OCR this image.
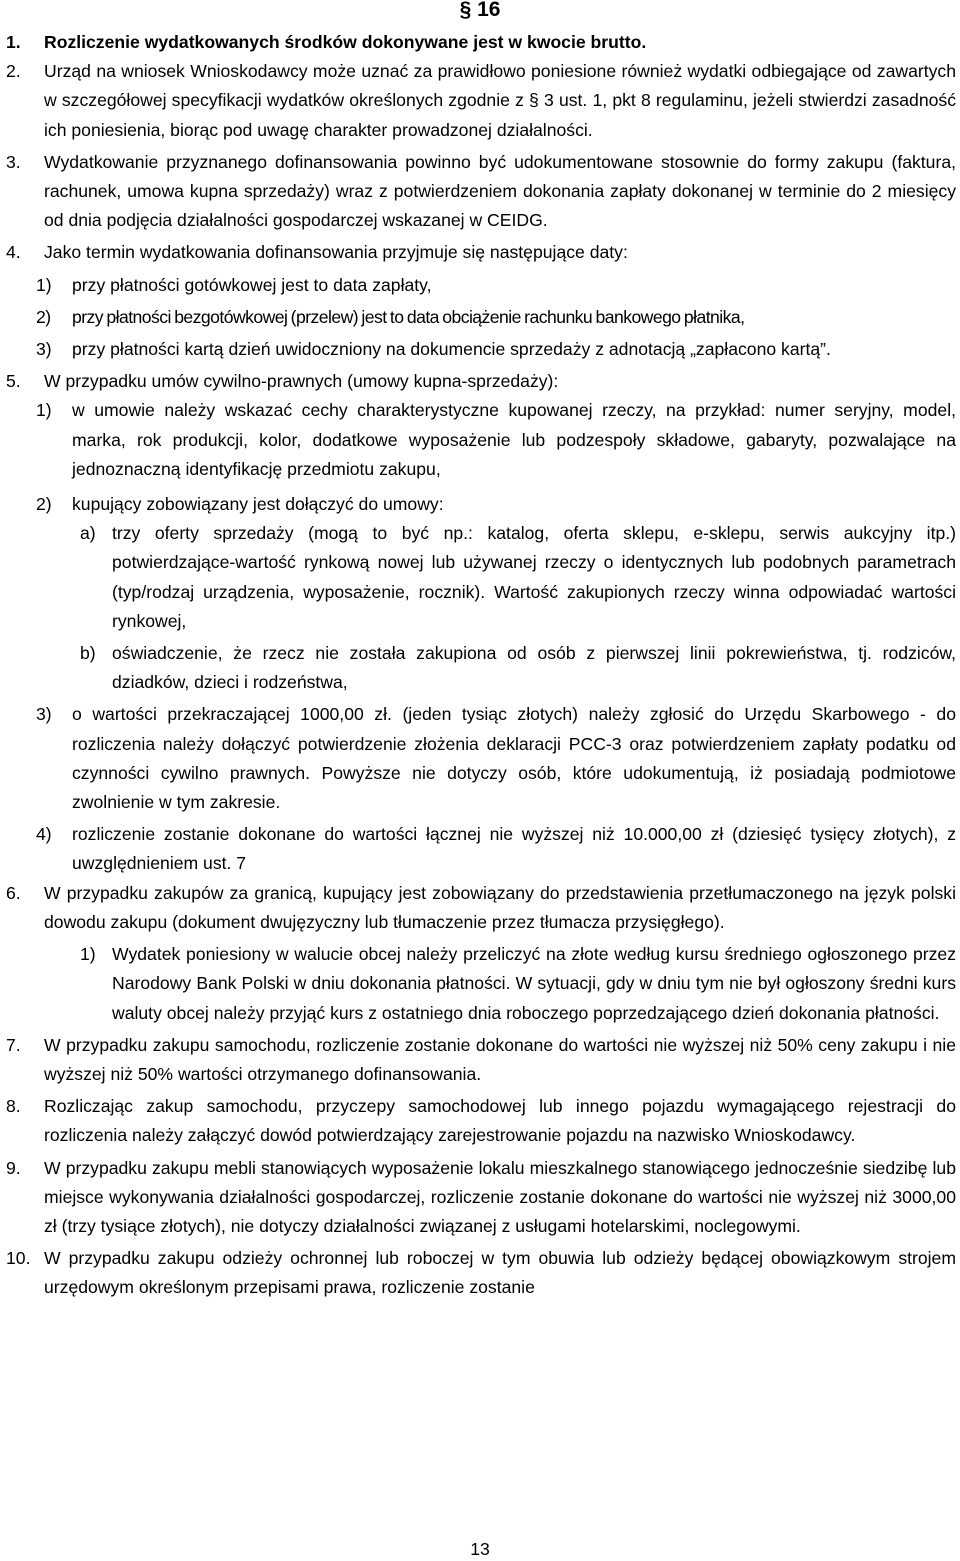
§ 16
1. Rozliczenie wydatkowanych środków dokonywane jest w kwocie brutto.
2. Urząd na wniosek Wnioskodawcy może uznać za prawidłowo poniesione również wydatki odbiegające od zawartych w szczegółowej specyfikacji wydatków określonych zgodnie z § 3 ust. 1, pkt 8 regulaminu, jeżeli stwierdzi zasadność ich poniesienia, biorąc pod uwagę charakter prowadzonej działalności.
3. Wydatkowanie przyznanego dofinansowania powinno być udokumentowane stosownie do formy zakupu (faktura, rachunek, umowa kupna sprzedaży) wraz z potwierdzeniem dokonania zapłaty dokonanej w terminie do 2 miesięcy od dnia podjęcia działalności gospodarczej wskazanej w CEIDG.
4. Jako termin wydatkowania dofinansowania przyjmuje się następujące daty:
1) przy płatności gotówkowej jest to data zapłaty,
2) przy płatności bezgotówkowej (przelew) jest to data obciążenie rachunku bankowego płatnika,
3) przy płatności kartą dzień uwidoczniony na dokumencie sprzedaży z adnotacją „zapłacono kartą”.
5. W przypadku umów cywilno-prawnych (umowy kupna-sprzedaży):
1) w umowie należy wskazać cechy charakterystyczne kupowanej rzeczy, na przykład: numer seryjny, model, marka, rok produkcji, kolor, dodatkowe wyposażenie lub podzespoły składowe, gabaryty, pozwalające na jednoznaczną identyfikację przedmiotu zakupu,
2) kupujący zobowiązany jest dołączyć do umowy:
a) trzy oferty sprzedaży (mogą to być np.: katalog, oferta sklepu, e-sklepu, serwis aukcyjny itp.) potwierdzające-wartość rynkową nowej lub używanej rzeczy o identycznych lub podobnych parametrach (typ/rodzaj urządzenia, wyposażenie, rocznik). Wartość zakupionych rzeczy winna odpowiadać wartości rynkowej,
b) oświadczenie, że rzecz nie została zakupiona od osób z pierwszej linii pokrewieństwa, tj. rodziców, dziadków, dzieci i rodzeństwa,
3) o wartości przekraczającej 1000,00 zł. (jeden tysiąc złotych) należy zgłosić do Urzędu Skarbowego - do rozliczenia należy dołączyć potwierdzenie złożenia deklaracji PCC-3 oraz potwierdzeniem zapłaty podatku od czynności cywilno prawnych. Powyższe nie dotyczy osób, które udokumentują, iż posiadają podmiotowe zwolnienie w tym zakresie.
4) rozliczenie zostanie dokonane do wartości łącznej nie wyższej niż 10.000,00 zł (dziesięć tysięcy złotych), z uwzględnieniem ust. 7
6. W przypadku zakupów za granicą, kupujący jest zobowiązany do przedstawienia przetłumaczonego na język polski dowodu zakupu (dokument dwujęzyczny lub tłumaczenie przez tłumacza przysięgłego).
1) Wydatek poniesiony w walucie obcej należy przeliczyć na złote według kursu średniego ogłoszonego przez Narodowy Bank Polski w dniu dokonania płatności. W sytuacji, gdy w dniu tym nie był ogłoszony średni kurs waluty obcej należy przyjąć kurs z ostatniego dnia roboczego poprzedzającego dzień dokonania płatności.
7. W przypadku zakupu samochodu, rozliczenie zostanie dokonane do wartości nie wyższej niż 50% ceny zakupu i nie wyższej niż 50% wartości otrzymanego dofinansowania.
8. Rozliczając zakup samochodu, przyczepy samochodowej lub innego pojazdu wymagającego rejestracji do rozliczenia należy załączyć dowód potwierdzający zarejestrowanie pojazdu na nazwisko Wnioskodawcy.
9. W przypadku zakupu mebli stanowiących wyposażenie lokalu mieszkalnego stanowiącego jednocześnie siedzibę lub miejsce wykonywania działalności gospodarczej, rozliczenie zostanie dokonane do wartości nie wyższej niż 3000,00 zł (trzy tysiące złotych), nie dotyczy działalności związanej z usługami hotelarskimi, noclegowymi.
10. W przypadku zakupu odzieży ochronnej lub roboczej w tym obuwia lub odzieży będącej obowiązkowym strojem urzędowym określonym przepisami prawa, rozliczenie zostanie
13
